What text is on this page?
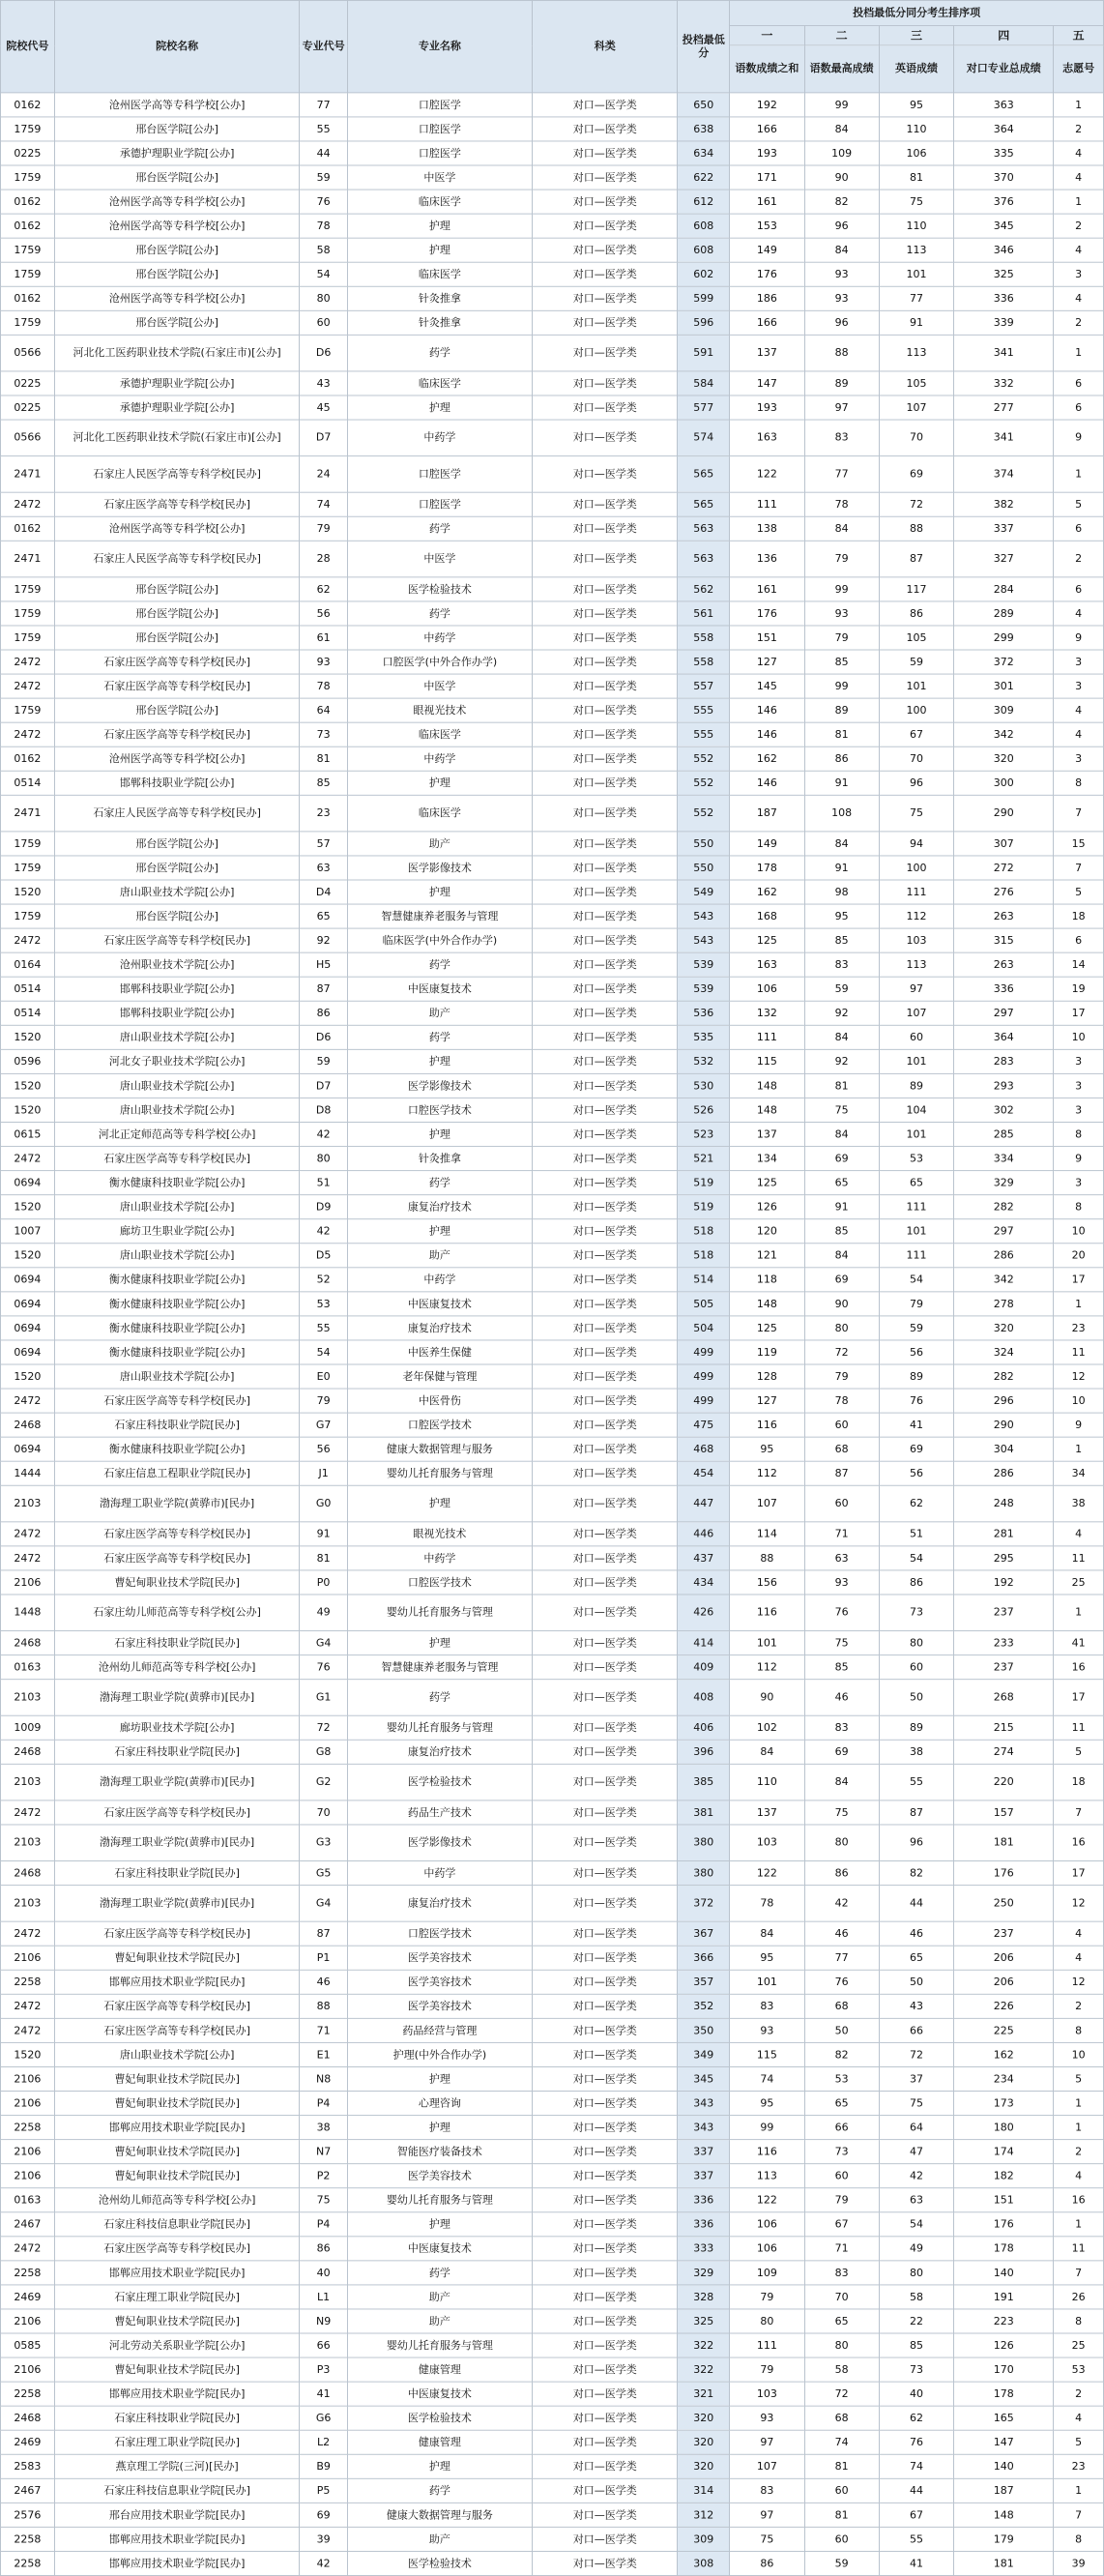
院校代号	院校名称	专业代号	专业名称	科类	投档最低分	投档最低分同分考生排序项				
						一	二	三	四	五
						语数成绩之和	语数最高成绩	英语成绩	对口专业总成绩	志愿号
0162	沧州医学高等专科学校[公办]	77	口腔医学	对口—医学类	650	192	99	95	363	1
1759	邢台医学院[公办]	55	口腔医学	对口—医学类	638	166	84	110	364	2
0225	承德护理职业学院[公办]	44	口腔医学	对口—医学类	634	193	109	106	335	4
1759	邢台医学院[公办]	59	中医学	对口—医学类	622	171	90	81	370	4
0162	沧州医学高等专科学校[公办]	76	临床医学	对口—医学类	612	161	82	75	376	1
0162	沧州医学高等专科学校[公办]	78	护理	对口—医学类	608	153	96	110	345	2
1759	邢台医学院[公办]	58	护理	对口—医学类	608	149	84	113	346	4
1759	邢台医学院[公办]	54	临床医学	对口—医学类	602	176	93	101	325	3
0162	沧州医学高等专科学校[公办]	80	针灸推拿	对口—医学类	599	186	93	77	336	4
1759	邢台医学院[公办]	60	针灸推拿	对口—医学类	596	166	96	91	339	2
0566	河北化工医药职业技术学院(石家庄市)[公办]	D6	药学	对口—医学类	591	137	88	113	341	1
0225	承德护理职业学院[公办]	43	临床医学	对口—医学类	584	147	89	105	332	6
0225	承德护理职业学院[公办]	45	护理	对口—医学类	577	193	97	107	277	6
0566	河北化工医药职业技术学院(石家庄市)[公办]	D7	中药学	对口—医学类	574	163	83	70	341	9
2471	石家庄人民医学高等专科学校[民办]	24	口腔医学	对口—医学类	565	122	77	69	374	1
2472	石家庄医学高等专科学校[民办]	74	口腔医学	对口—医学类	565	111	78	72	382	5
0162	沧州医学高等专科学校[公办]	79	药学	对口—医学类	563	138	84	88	337	6
2471	石家庄人民医学高等专科学校[民办]	28	中医学	对口—医学类	563	136	79	87	327	2
1759	邢台医学院[公办]	62	医学检验技术	对口—医学类	562	161	99	117	284	6
1759	邢台医学院[公办]	56	药学	对口—医学类	561	176	93	86	289	4
1759	邢台医学院[公办]	61	中药学	对口—医学类	558	151	79	105	299	9
2472	石家庄医学高等专科学校[民办]	93	口腔医学(中外合作办学)	对口—医学类	558	127	85	59	372	3
2472	石家庄医学高等专科学校[民办]	78	中医学	对口—医学类	557	145	99	101	301	3
1759	邢台医学院[公办]	64	眼视光技术	对口—医学类	555	146	89	100	309	4
2472	石家庄医学高等专科学校[民办]	73	临床医学	对口—医学类	555	146	81	67	342	4
0162	沧州医学高等专科学校[公办]	81	中药学	对口—医学类	552	162	86	70	320	3
0514	邯郸科技职业学院[公办]	85	护理	对口—医学类	552	146	91	96	300	8
2471	石家庄人民医学高等专科学校[民办]	23	临床医学	对口—医学类	552	187	108	75	290	7
1759	邢台医学院[公办]	57	助产	对口—医学类	550	149	84	94	307	15
1759	邢台医学院[公办]	63	医学影像技术	对口—医学类	550	178	91	100	272	7
1520	唐山职业技术学院[公办]	D4	护理	对口—医学类	549	162	98	111	276	5
1759	邢台医学院[公办]	65	智慧健康养老服务与管理	对口—医学类	543	168	95	112	263	18
2472	石家庄医学高等专科学校[民办]	92	临床医学(中外合作办学)	对口—医学类	543	125	85	103	315	6
0164	沧州职业技术学院[公办]	H5	药学	对口—医学类	539	163	83	113	263	14
0514	邯郸科技职业学院[公办]	87	中医康复技术	对口—医学类	539	106	59	97	336	19
0514	邯郸科技职业学院[公办]	86	助产	对口—医学类	536	132	92	107	297	17
1520	唐山职业技术学院[公办]	D6	药学	对口—医学类	535	111	84	60	364	10
0596	河北女子职业技术学院[公办]	59	护理	对口—医学类	532	115	92	101	283	3
1520	唐山职业技术学院[公办]	D7	医学影像技术	对口—医学类	530	148	81	89	293	3
1520	唐山职业技术学院[公办]	D8	口腔医学技术	对口—医学类	526	148	75	104	302	3
0615	河北正定师范高等专科学校[公办]	42	护理	对口—医学类	523	137	84	101	285	8
2472	石家庄医学高等专科学校[民办]	80	针灸推拿	对口—医学类	521	134	69	53	334	9
0694	衡水健康科技职业学院[公办]	51	药学	对口—医学类	519	125	65	65	329	3
1520	唐山职业技术学院[公办]	D9	康复治疗技术	对口—医学类	519	126	91	111	282	8
1007	廊坊卫生职业学院[公办]	42	护理	对口—医学类	518	120	85	101	297	10
1520	唐山职业技术学院[公办]	D5	助产	对口—医学类	518	121	84	111	286	20
0694	衡水健康科技职业学院[公办]	52	中药学	对口—医学类	514	118	69	54	342	17
0694	衡水健康科技职业学院[公办]	53	中医康复技术	对口—医学类	505	148	90	79	278	1
0694	衡水健康科技职业学院[公办]	55	康复治疗技术	对口—医学类	504	125	80	59	320	23
0694	衡水健康科技职业学院[公办]	54	中医养生保健	对口—医学类	499	119	72	56	324	11
1520	唐山职业技术学院[公办]	E0	老年保健与管理	对口—医学类	499	128	79	89	282	12
2472	石家庄医学高等专科学校[民办]	79	中医骨伤	对口—医学类	499	127	78	76	296	10
2468	石家庄科技职业学院[民办]	G7	口腔医学技术	对口—医学类	475	116	60	41	290	9
0694	衡水健康科技职业学院[公办]	56	健康大数据管理与服务	对口—医学类	468	95	68	69	304	1
1444	石家庄信息工程职业学院[民办]	J1	婴幼儿托育服务与管理	对口—医学类	454	112	87	56	286	34
2103	渤海理工职业学院(黄骅市)[民办]	G0	护理	对口—医学类	447	107	60	62	248	38
2472	石家庄医学高等专科学校[民办]	91	眼视光技术	对口—医学类	446	114	71	51	281	4
2472	石家庄医学高等专科学校[民办]	81	中药学	对口—医学类	437	88	63	54	295	11
2106	曹妃甸职业技术学院[民办]	P0	口腔医学技术	对口—医学类	434	156	93	86	192	25
1448	石家庄幼儿师范高等专科学校[公办]	49	婴幼儿托育服务与管理	对口—医学类	426	116	76	73	237	1
2468	石家庄科技职业学院[民办]	G4	护理	对口—医学类	414	101	75	80	233	41
0163	沧州幼儿师范高等专科学校[公办]	76	智慧健康养老服务与管理	对口—医学类	409	112	85	60	237	16
2103	渤海理工职业学院(黄骅市)[民办]	G1	药学	对口—医学类	408	90	46	50	268	17
1009	廊坊职业技术学院[公办]	72	婴幼儿托育服务与管理	对口—医学类	406	102	83	89	215	11
2468	石家庄科技职业学院[民办]	G8	康复治疗技术	对口—医学类	396	84	69	38	274	5
2103	渤海理工职业学院(黄骅市)[民办]	G2	医学检验技术	对口—医学类	385	110	84	55	220	18
2472	石家庄医学高等专科学校[民办]	70	药品生产技术	对口—医学类	381	137	75	87	157	7
2103	渤海理工职业学院(黄骅市)[民办]	G3	医学影像技术	对口—医学类	380	103	80	96	181	16
2468	石家庄科技职业学院[民办]	G5	中药学	对口—医学类	380	122	86	82	176	17
2103	渤海理工职业学院(黄骅市)[民办]	G4	康复治疗技术	对口—医学类	372	78	42	44	250	12
2472	石家庄医学高等专科学校[民办]	87	口腔医学技术	对口—医学类	367	84	46	46	237	4
2106	曹妃甸职业技术学院[民办]	P1	医学美容技术	对口—医学类	366	95	77	65	206	4
2258	邯郸应用技术职业学院[民办]	46	医学美容技术	对口—医学类	357	101	76	50	206	12
2472	石家庄医学高等专科学校[民办]	88	医学美容技术	对口—医学类	352	83	68	43	226	2
2472	石家庄医学高等专科学校[民办]	71	药品经营与管理	对口—医学类	350	93	50	66	225	8
1520	唐山职业技术学院[公办]	E1	护理(中外合作办学)	对口—医学类	349	115	82	72	162	10
2106	曹妃甸职业技术学院[民办]	N8	护理	对口—医学类	345	74	53	37	234	5
2106	曹妃甸职业技术学院[民办]	P4	心理咨询	对口—医学类	343	95	65	75	173	1
2258	邯郸应用技术职业学院[民办]	38	护理	对口—医学类	343	99	66	64	180	1
2106	曹妃甸职业技术学院[民办]	N7	智能医疗装备技术	对口—医学类	337	116	73	47	174	2
2106	曹妃甸职业技术学院[民办]	P2	医学美容技术	对口—医学类	337	113	60	42	182	4
0163	沧州幼儿师范高等专科学校[公办]	75	婴幼儿托育服务与管理	对口—医学类	336	122	79	63	151	16
2467	石家庄科技信息职业学院[民办]	P4	护理	对口—医学类	336	106	67	54	176	1
2472	石家庄医学高等专科学校[民办]	86	中医康复技术	对口—医学类	333	106	71	49	178	11
2258	邯郸应用技术职业学院[民办]	40	药学	对口—医学类	329	109	83	80	140	7
2469	石家庄理工职业学院[民办]	L1	助产	对口—医学类	328	79	70	58	191	26
2106	曹妃甸职业技术学院[民办]	N9	助产	对口—医学类	325	80	65	22	223	8
0585	河北劳动关系职业学院[公办]	66	婴幼儿托育服务与管理	对口—医学类	322	111	80	85	126	25
2106	曹妃甸职业技术学院[民办]	P3	健康管理	对口—医学类	322	79	58	73	170	53
2258	邯郸应用技术职业学院[民办]	41	中医康复技术	对口—医学类	321	103	72	40	178	2
2468	石家庄科技职业学院[民办]	G6	医学检验技术	对口—医学类	320	93	68	62	165	4
2469	石家庄理工职业学院[民办]	L2	健康管理	对口—医学类	320	97	74	76	147	5
2583	燕京理工学院(三河)[民办]	B9	护理	对口—医学类	320	107	81	74	140	23
2467	石家庄科技信息职业学院[民办]	P5	药学	对口—医学类	314	83	60	44	187	1
2576	邢台应用技术职业学院[民办]	69	健康大数据管理与服务	对口—医学类	312	97	81	67	148	7
2258	邯郸应用技术职业学院[民办]	39	助产	对口—医学类	309	75	60	55	179	8
2258	邯郸应用技术职业学院[民办]	42	医学检验技术	对口—医学类	308	86	59	41	181	39
